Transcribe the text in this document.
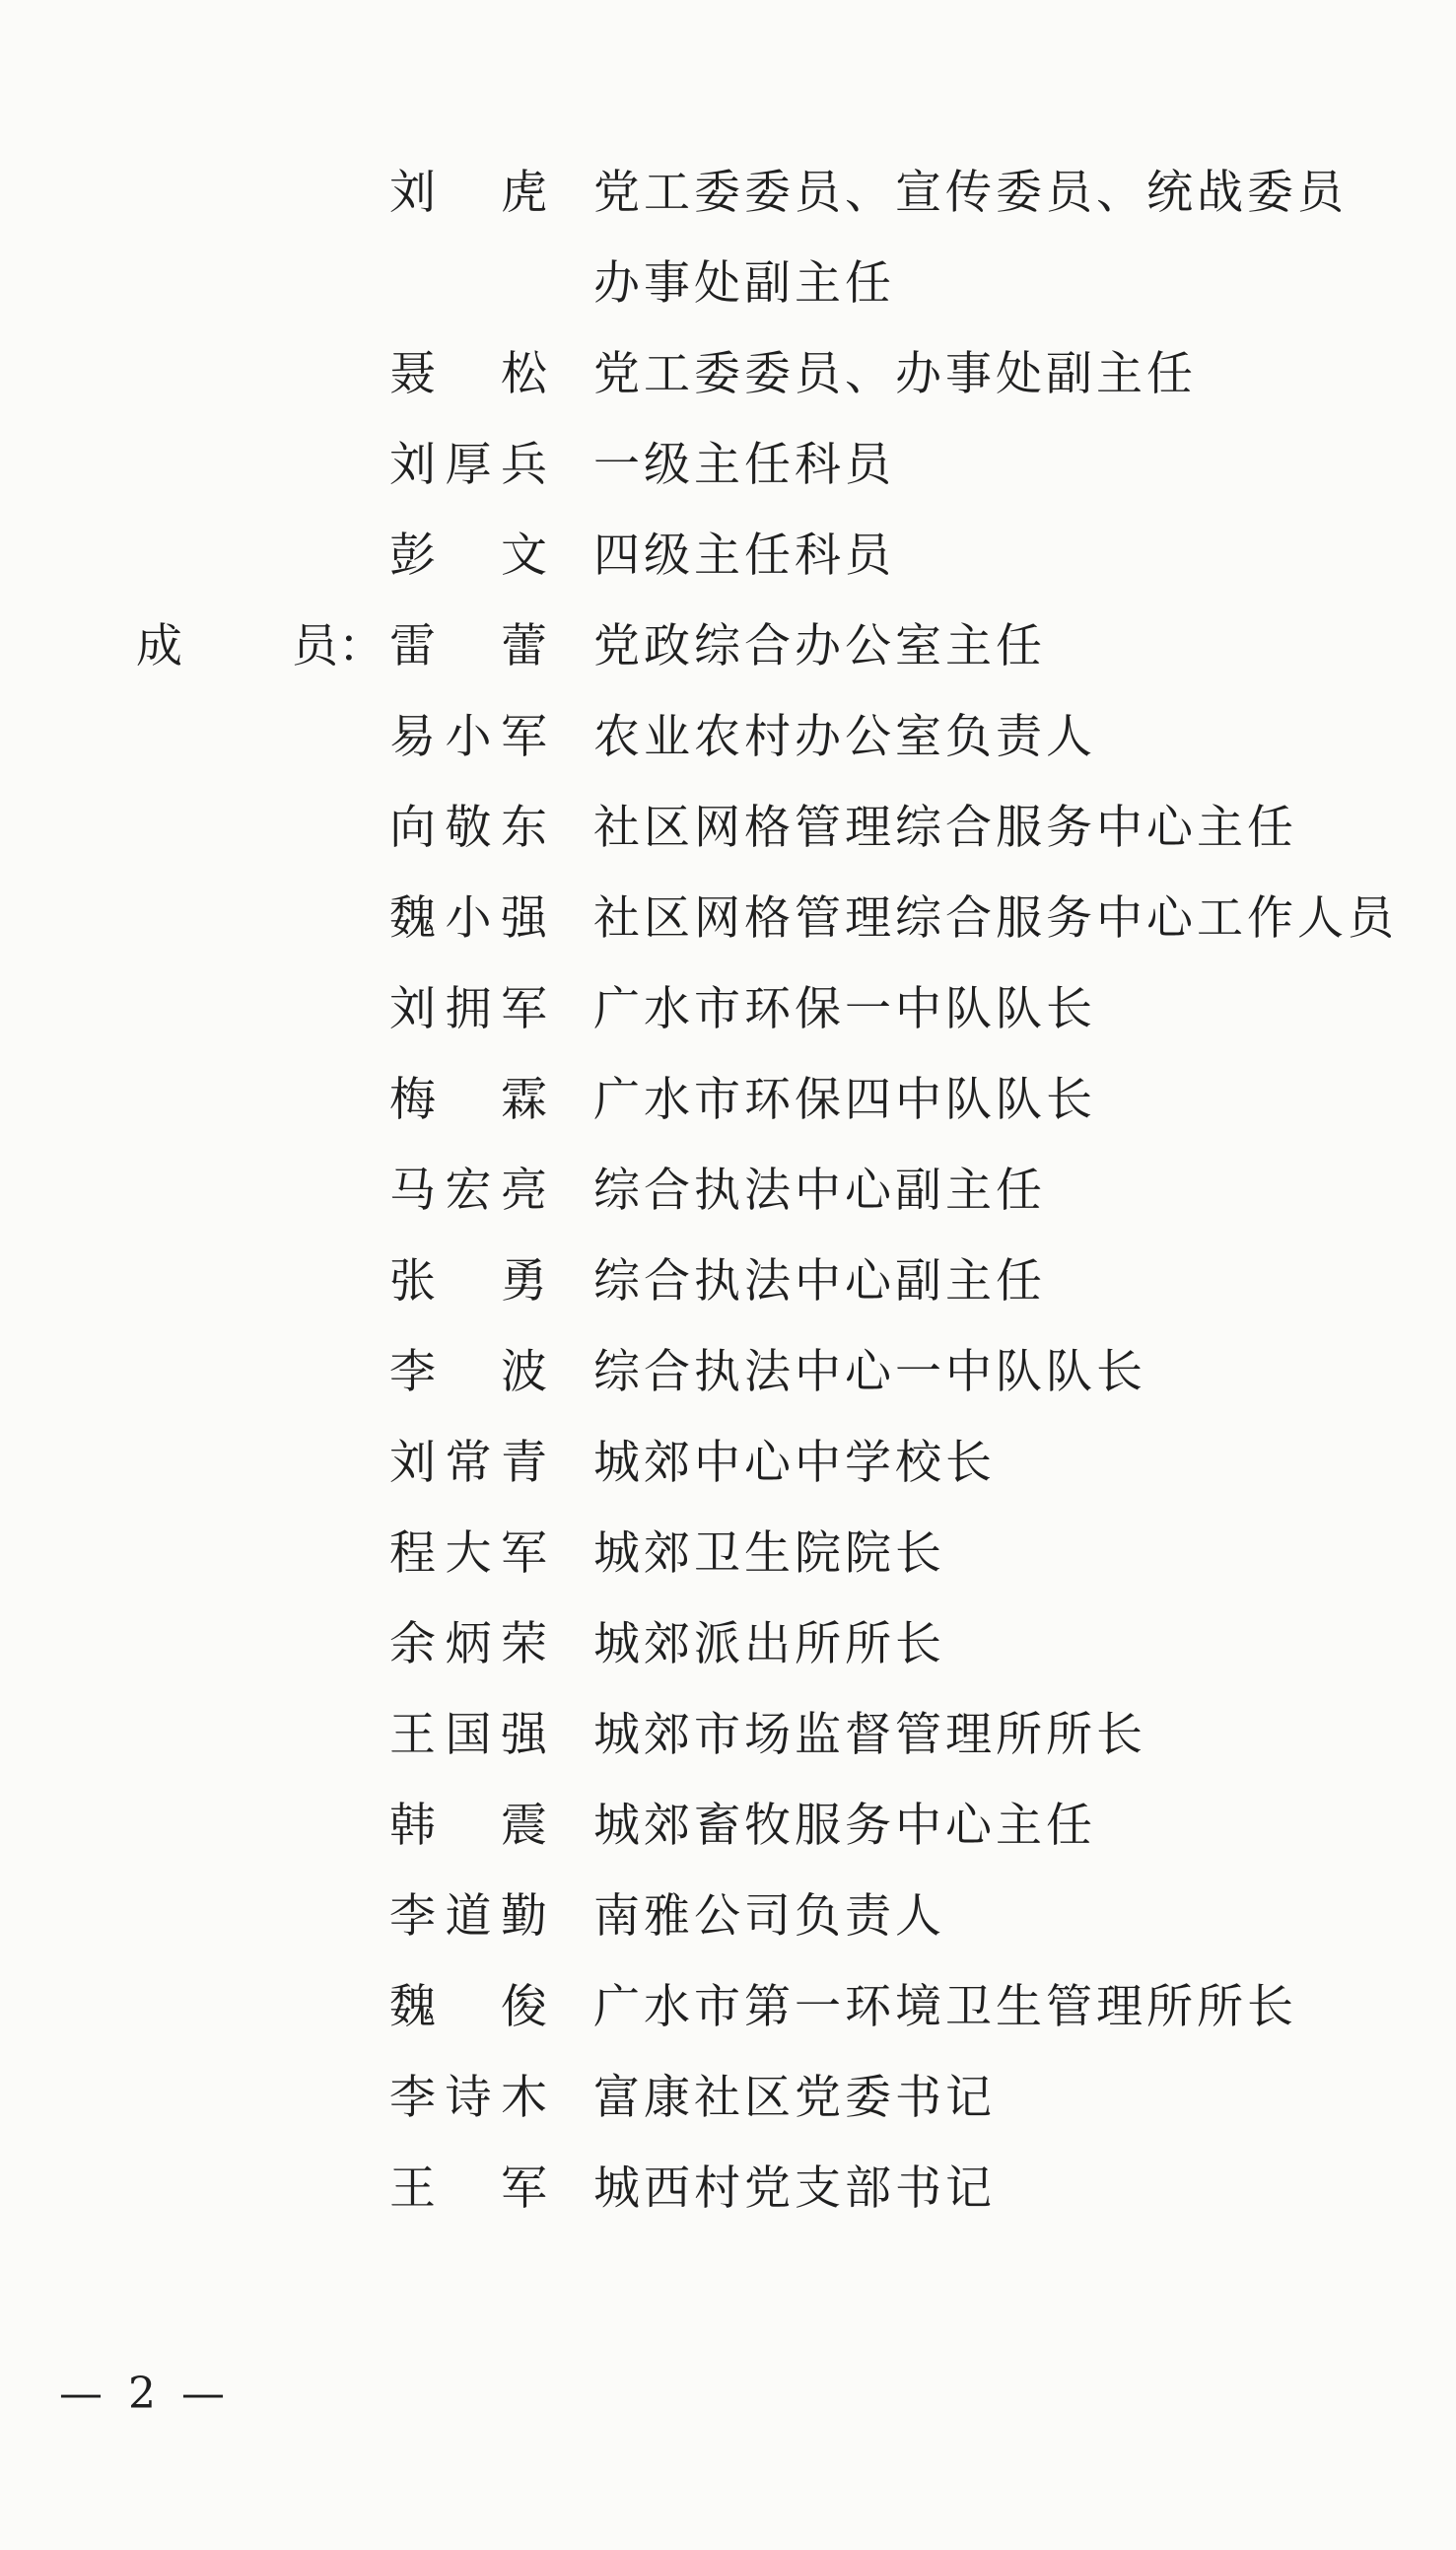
刘　虎 党工委委员、宣传委员、统战委员
办事处副主任
聂　松 党工委委员、办事处副主任
刘厚兵 一级主任科员
彭　文 四级主任科员
成 员： 雷　蕾 党政综合办公室主任
易小军 农业农村办公室负责人
向敬东 社区网格管理综合服务中心主任
魏小强 社区网格管理综合服务中心工作人员
刘拥军 广水市环保一中队队长
梅　霖 广水市环保四中队队长
马宏亮 综合执法中心副主任
张　勇 综合执法中心副主任
李　波 综合执法中心一中队队长
刘常青 城郊中心中学校长
程大军 城郊卫生院院长
余炳荣 城郊派出所所长
王国强 城郊市场监督管理所所长
韩　震 城郊畜牧服务中心主任
李道勤 南雅公司负责人
魏　俊 广水市第一环境卫生管理所所长
李诗木 富康社区党委书记
王　军 城西村党支部书记
— 2 —
